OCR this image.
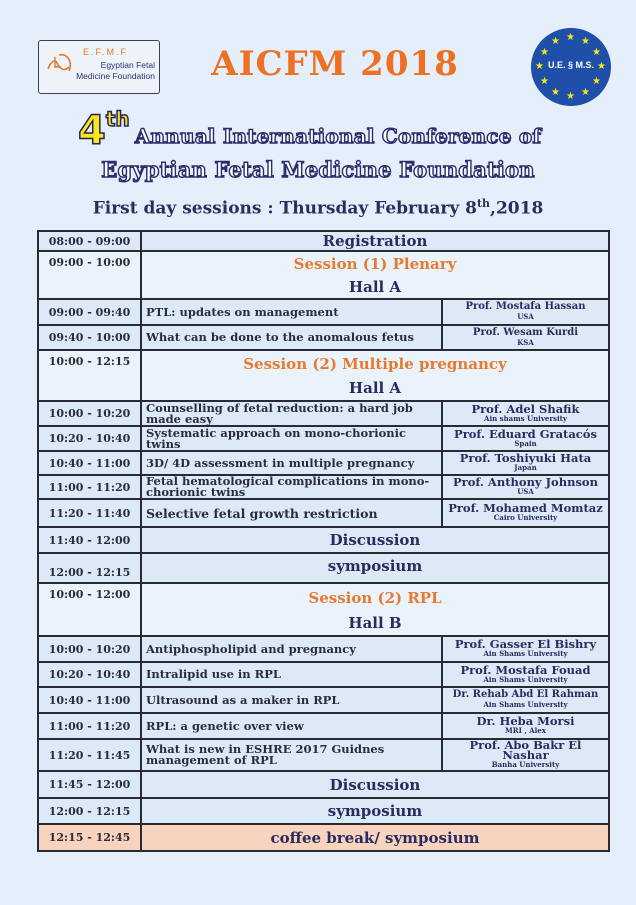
E.F.M.F
Egyptian Fetal
Medicine Foundation	AICFM 2018
★ ★
★
★
★
★
★
★
★
★
★
★
U.E. § M.S.
4th
Annual International Conference of
Egyptian Fetal Medicine Foundation
First day sessions : Thursday February 8th,2018
08:00 - 09:00	Registration	
09:00 - 10:00	Session (1) Plenary	
	Hall A	
09:00 - 09:40	PTL: updates on management	Prof. Mostafa Hassan
USA

09:40 - 10:00	What can be done to the anomalous fetus	Prof. Wesam Kurdi
KSA

10:00 - 12:15	Session (2) Multiple pregnancy	
	Hall A	
10:00 - 10:20	Counselling of fetal reduction: a hard job made easy	Prof. Adel Shafik
Ain shams University

10:20 - 10:40	Systematic approach on mono-chorionic twins	Prof. Eduard Gratacós
Spain

10:40 - 11:00	3D/ 4D assessment in multiple pregnancy	Prof. Toshiyuki Hata
Japan

11:00 - 11:20	Fetal hematological complications in mono-chorionic twins	Prof. Anthony Johnson
USA

11:20 - 11:40	Selective fetal growth restriction	Prof. Mohamed Momtaz
Cairo University

11:40 - 12:00	Discussion	
12:00 - 12:15	symposium	
10:00 - 12:00	Session (2) RPL	
	Hall B	
10:00 - 10:20	Antiphospholipid and pregnancy	Prof. Gasser El Bishry
Ain Shams University

10:20 - 10:40	Intralipid use in RPL	Prof. Mostafa Fouad
Ain Shams University

10:40 - 11:00	Ultrasound as a maker in RPL	Dr. Rehab Abd El Rahman
Ain Shams University

11:00 - 11:20	RPL: a genetic over view	Dr. Heba Morsi
MRI , Alex

11:20 - 11:45	What is new in ESHRE 2017 Guidnes management of RPL	Prof. Abo Bakr El Nashar
Banha University

11:45 - 12:00	Discussion	
12:00 - 12:15	symposium	
12:15 - 12:45	coffee break/ symposium	
